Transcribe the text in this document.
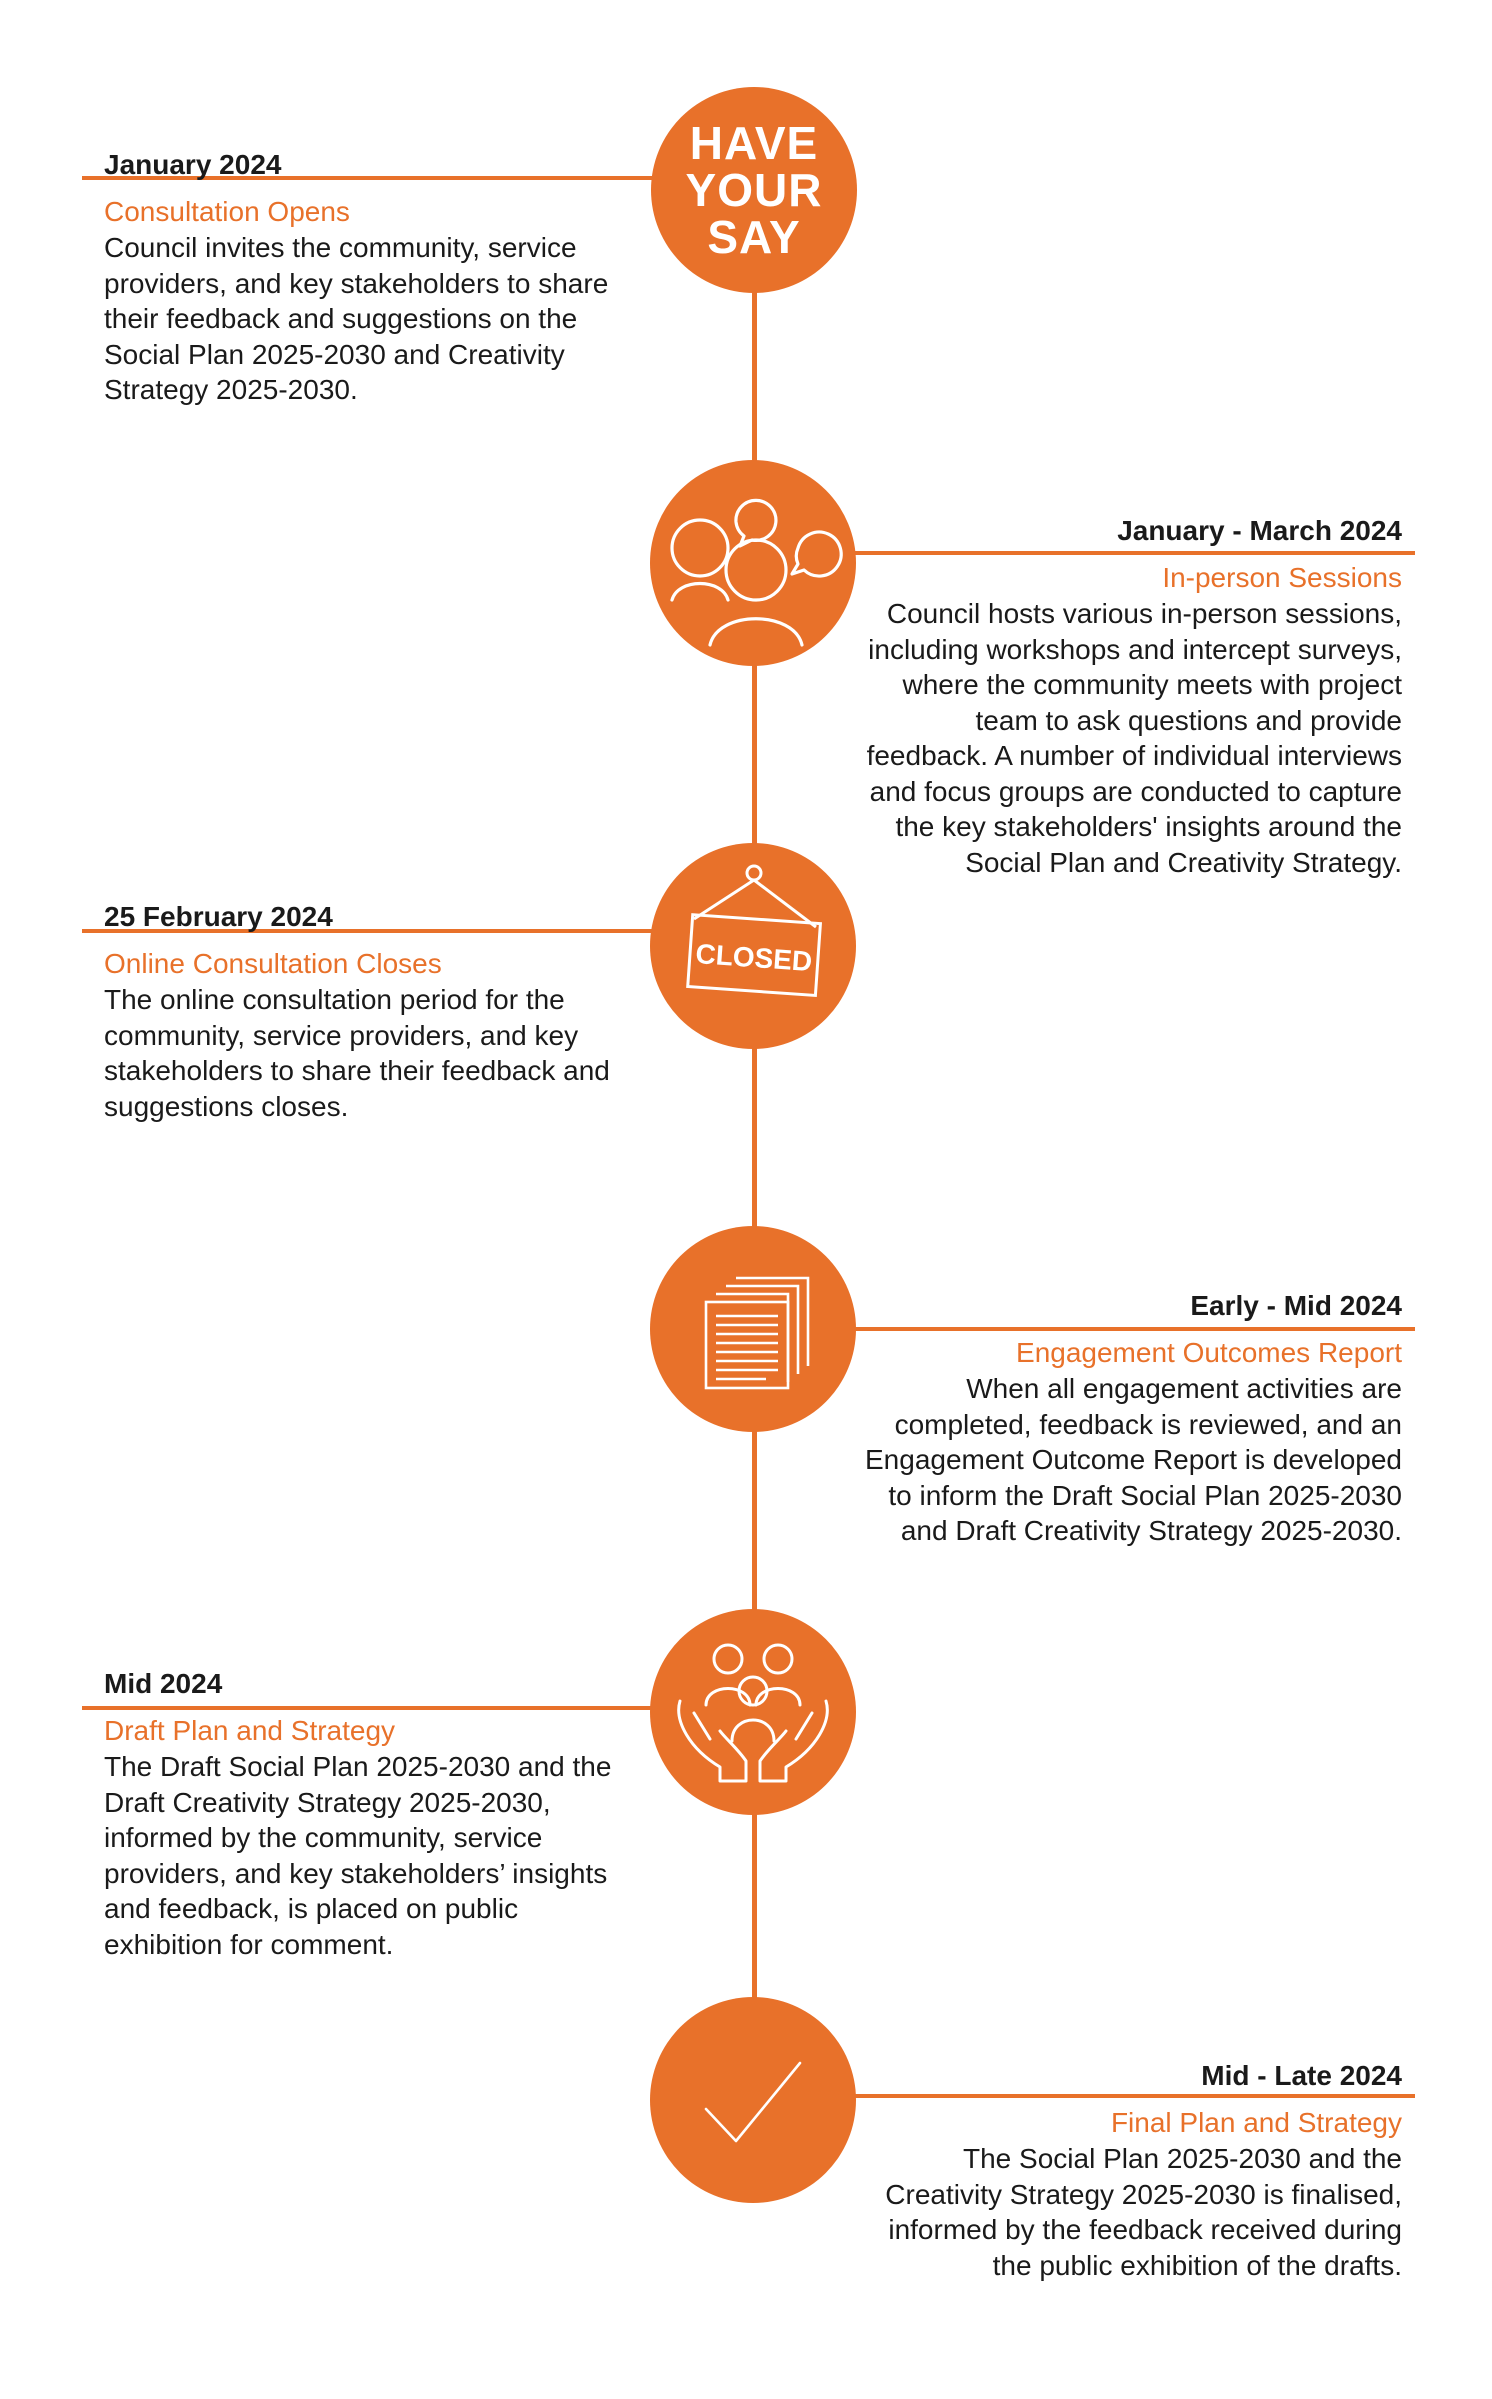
HAVE
YOUR
SAY
January 2024
Consultation Opens
Council invites the community, service providers, and key stakeholders to share their feedback and suggestions on the Social Plan 2025-2030 and Creativity Strategy 2025-2030.
January - March 2024
In-person Sessions
Council hosts various in-person sessions, including workshops and intercept surveys, where the community meets with project team to ask questions and provide feedback. A number of individual interviews and focus groups are conducted to capture the key stakeholders' insights around the Social Plan and Creativity Strategy.
CLOSED
25 February 2024
Online Consultation Closes
The online consultation period for the community, service providers, and key stakeholders to share their feedback and suggestions closes.
Early - Mid 2024
Engagement Outcomes Report
When all engagement activities are completed, feedback is reviewed, and an Engagement Outcome Report is developed to inform the Draft Social Plan 2025-2030 and Draft Creativity Strategy 2025-2030.
Mid 2024
Draft Plan and Strategy
The Draft Social Plan 2025-2030 and the Draft Creativity Strategy 2025-2030, informed by the community, service providers, and key stakeholders’ insights and feedback, is placed on public exhibition for comment.
Mid - Late 2024
Final Plan and Strategy
The Social Plan 2025-2030 and the Creativity Strategy 2025-2030 is finalised, informed by the feedback received during the public exhibition of the drafts.
